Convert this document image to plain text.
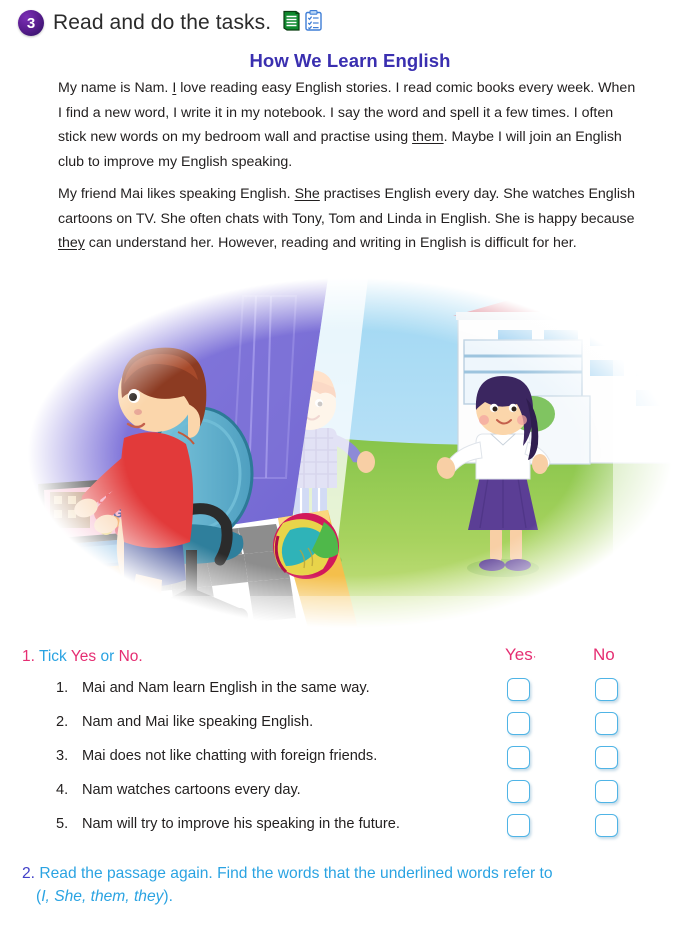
3 Read and do the tasks.
How We Learn English

My name is Nam. I love reading easy English stories. I read comic books every week. When I find a new word, I write it in my notebook. I say the word and spell it a few times. I often stick new words on my bedroom wall and practise using them. Maybe I will join an English club to improve my English speaking.

My friend Mai likes speaking English. She practises English every day. She watches English cartoons on TV. She often chats with Tony, Tom and Linda in English. She is happy because they can understand her. However, reading and writing in English is difficult for her.

1. Tick Yes or No.	Yes·	No
1. Mai and Nam learn English in the same way.
2. Nam and Mai like speaking English.
3. Mai does not like chatting with foreign friends.
4. Nam watches cartoons every day.
5. Nam will try to improve his speaking in the future.
2. Read the passage again. Find the words that the underlined words refer to
(I, She, them, they).
